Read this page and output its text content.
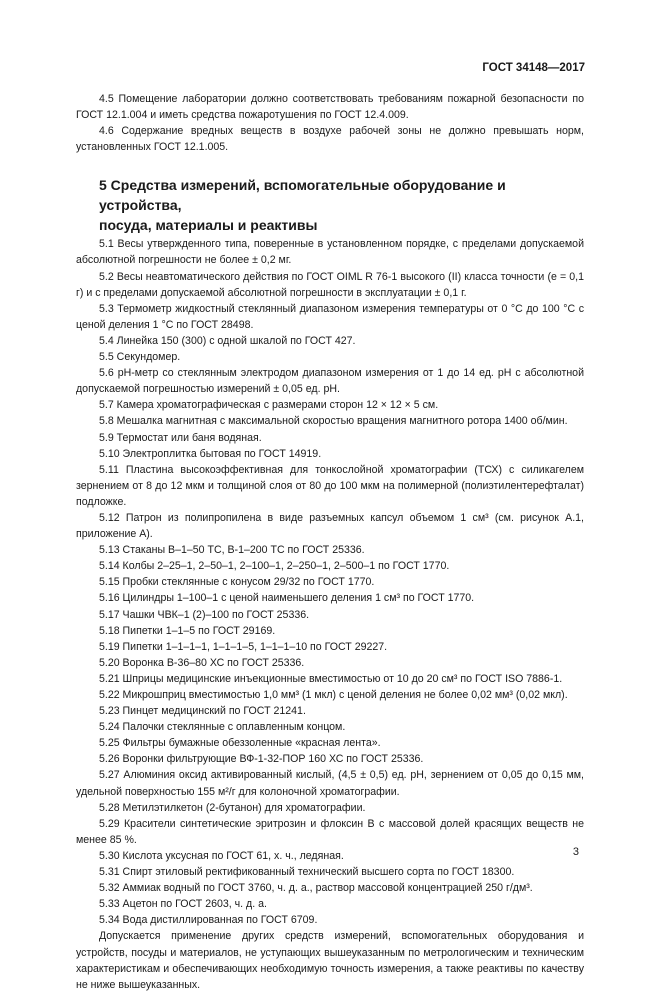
ГОСТ 34148—2017

4.5 Помещение лаборатории должно соответствовать требованиям пожарной безопасности по ГОСТ 12.1.004 и иметь средства пожаротушения по ГОСТ 12.4.009.

4.6 Содержание вредных веществ в воздухе рабочей зоны не должно превышать норм, установленных ГОСТ 12.1.005.

5 Средства измерений, вспомогательные оборудование и устройства,
посуда, материалы и реактивы

5.1 Весы утвержденного типа, поверенные в установленном порядке, с пределами допускаемой абсолютной погрешности не более ± 0,2 мг.

5.2 Весы неавтоматического действия по ГОСТ OIML R 76-1 высокого (II) класса точности (е = 0,1 г) и с пределами допускаемой абсолютной погрешности в эксплуатации ± 0,1 г.

5.3 Термометр жидкостный стеклянный диапазоном измерения температуры от 0 °С до 100 °С с ценой деления 1 °С по ГОСТ 28498.

5.4 Линейка 150 (300) с одной шкалой по ГОСТ 427.

5.5 Секундомер.

5.6 pH-метр со стеклянным электродом диапазоном измерения от 1 до 14 ед. pH с абсолютной допускаемой погрешностью измерений ± 0,05 ед. pH.

5.7 Камера хроматографическая с размерами сторон 12 × 12 × 5 см.

5.8 Мешалка магнитная с максимальной скоростью вращения магнитного ротора 1400 об/мин.

5.9 Термостат или баня водяная.

5.10 Электроплитка бытовая по ГОСТ 14919.

5.11 Пластина высокоэффективная для тонкослойной хроматографии (ТСХ) с силикагелем зернением от 8 до 12 мкм и толщиной слоя от 80 до 100 мкм на полимерной (полиэтилентерефталат) подложке.

5.12 Патрон из полипропилена в виде разъемных капсул объемом 1 см³ (см. рисунок А.1, приложение А).

5.13 Стаканы В–1–50 ТС, В-1–200 ТС по ГОСТ 25336.

5.14 Колбы 2–25–1, 2–50–1, 2–100–1, 2–250–1, 2–500–1 по ГОСТ 1770.

5.15 Пробки стеклянные с конусом 29/32 по ГОСТ 1770.

5.16 Цилиндры 1–100–1 с ценой наименьшего деления 1 см³ по ГОСТ 1770.

5.17 Чашки ЧВК–1 (2)–100 по ГОСТ 25336.

5.18 Пипетки 1–1–5 по ГОСТ 29169.

5.19 Пипетки 1–1–1–1, 1–1–1–5, 1–1–1–10 по ГОСТ 29227.

5.20 Воронка В-36–80 ХС по ГОСТ 25336.

5.21 Шприцы медицинские инъекционные вместимостью от 10 до 20 см³ по ГОСТ ISO 7886-1.

5.22 Микрошприц вместимостью 1,0 мм³ (1 мкл) с ценой деления не более 0,02 мм³ (0,02 мкл).

5.23 Пинцет медицинский по ГОСТ 21241.

5.24 Палочки стеклянные с оплавленным концом.

5.25 Фильтры бумажные обеззоленные «красная лента».

5.26 Воронки фильтрующие ВФ-1-32-ПОР 160 ХС по ГОСТ 25336.

5.27 Алюминия оксид активированный кислый, (4,5 ± 0,5) ед. pH, зернением от 0,05 до 0,15 мм, удельной поверхностью 155 м²/г для колоночной хроматографии.

5.28 Метилэтилкетон (2-бутанон) для хроматографии.

5.29 Красители синтетические эритрозин и флоксин В с массовой долей красящих веществ не менее 85 %.

5.30 Кислота уксусная по ГОСТ 61, х. ч., ледяная.

5.31 Спирт этиловый ректификованный технический высшего сорта по ГОСТ 18300.

5.32 Аммиак водный по ГОСТ 3760, ч. д. а., раствор массовой концентрацией 250 г/дм³.

5.33 Ацетон по ГОСТ 2603, ч. д. а.

5.34 Вода дистиллированная по ГОСТ 6709.

Допускается применение других средств измерений, вспомогательных оборудования и устройств, посуды и материалов, не уступающих вышеуказанным по метрологическим и техническим характеристикам и обеспечивающих необходимую точность измерения, а также реактивы по качеству не ниже вышеуказанных.

3
